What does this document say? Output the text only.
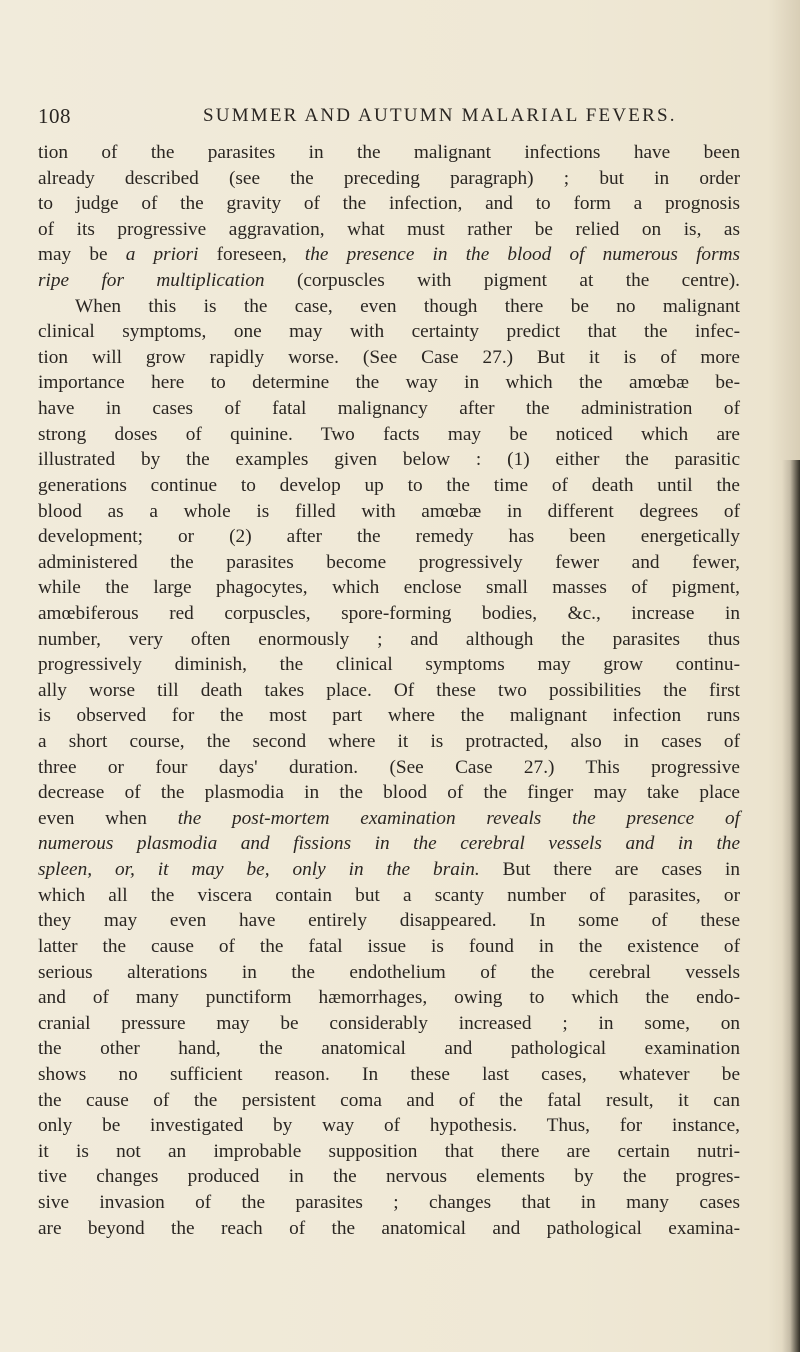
108	SUMMER AND AUTUMN MALARIAL FEVERS.
tion of the parasites in the malignant infections have been
already described (see the preceding paragraph) ; but in order
to judge of the gravity of the infection, and to form a prognosis
of its progressive aggravation, what must rather be relied on is, as
may be a priori foreseen, the presence in the blood of numerous forms
ripe for multiplication (corpuscles with pigment at the centre).
When this is the case, even though there be no malignant
clinical symptoms, one may with certainty predict that the infec-
tion will grow rapidly worse. (See Case 27.) But it is of more
importance here to determine the way in which the amœbæ be-
have in cases of fatal malignancy after the administration of
strong doses of quinine. Two facts may be noticed which are
illustrated by the examples given below : (1) either the parasitic
generations continue to develop up to the time of death until the
blood as a whole is filled with amœbæ in different degrees of
development; or (2) after the remedy has been energetically
administered the parasites become progressively fewer and fewer,
while the large phagocytes, which enclose small masses of pigment,
amœbiferous red corpuscles, spore-forming bodies, &c., increase in
number, very often enormously ; and although the parasites thus
progressively diminish, the clinical symptoms may grow continu-
ally worse till death takes place. Of these two possibilities the first
is observed for the most part where the malignant infection runs
a short course, the second where it is protracted, also in cases of
three or four days' duration. (See Case 27.) This progressive
decrease of the plasmodia in the blood of the finger may take place
even when the post-mortem examination reveals the presence of
numerous plasmodia and fissions in the cerebral vessels and in the
spleen, or, it may be, only in the brain. But there are cases in
which all the viscera contain but a scanty number of parasites, or
they may even have entirely disappeared. In some of these
latter the cause of the fatal issue is found in the existence of
serious alterations in the endothelium of the cerebral vessels
and of many punctiform hæmorrhages, owing to which the endo-
cranial pressure may be considerably increased ; in some, on
the other hand, the anatomical and pathological examination
shows no sufficient reason. In these last cases, whatever be
the cause of the persistent coma and of the fatal result, it can
only be investigated by way of hypothesis. Thus, for instance,
it is not an improbable supposition that there are certain nutri-
tive changes produced in the nervous elements by the progres-
sive invasion of the parasites ; changes that in many cases
are beyond the reach of the anatomical and pathological examina-
